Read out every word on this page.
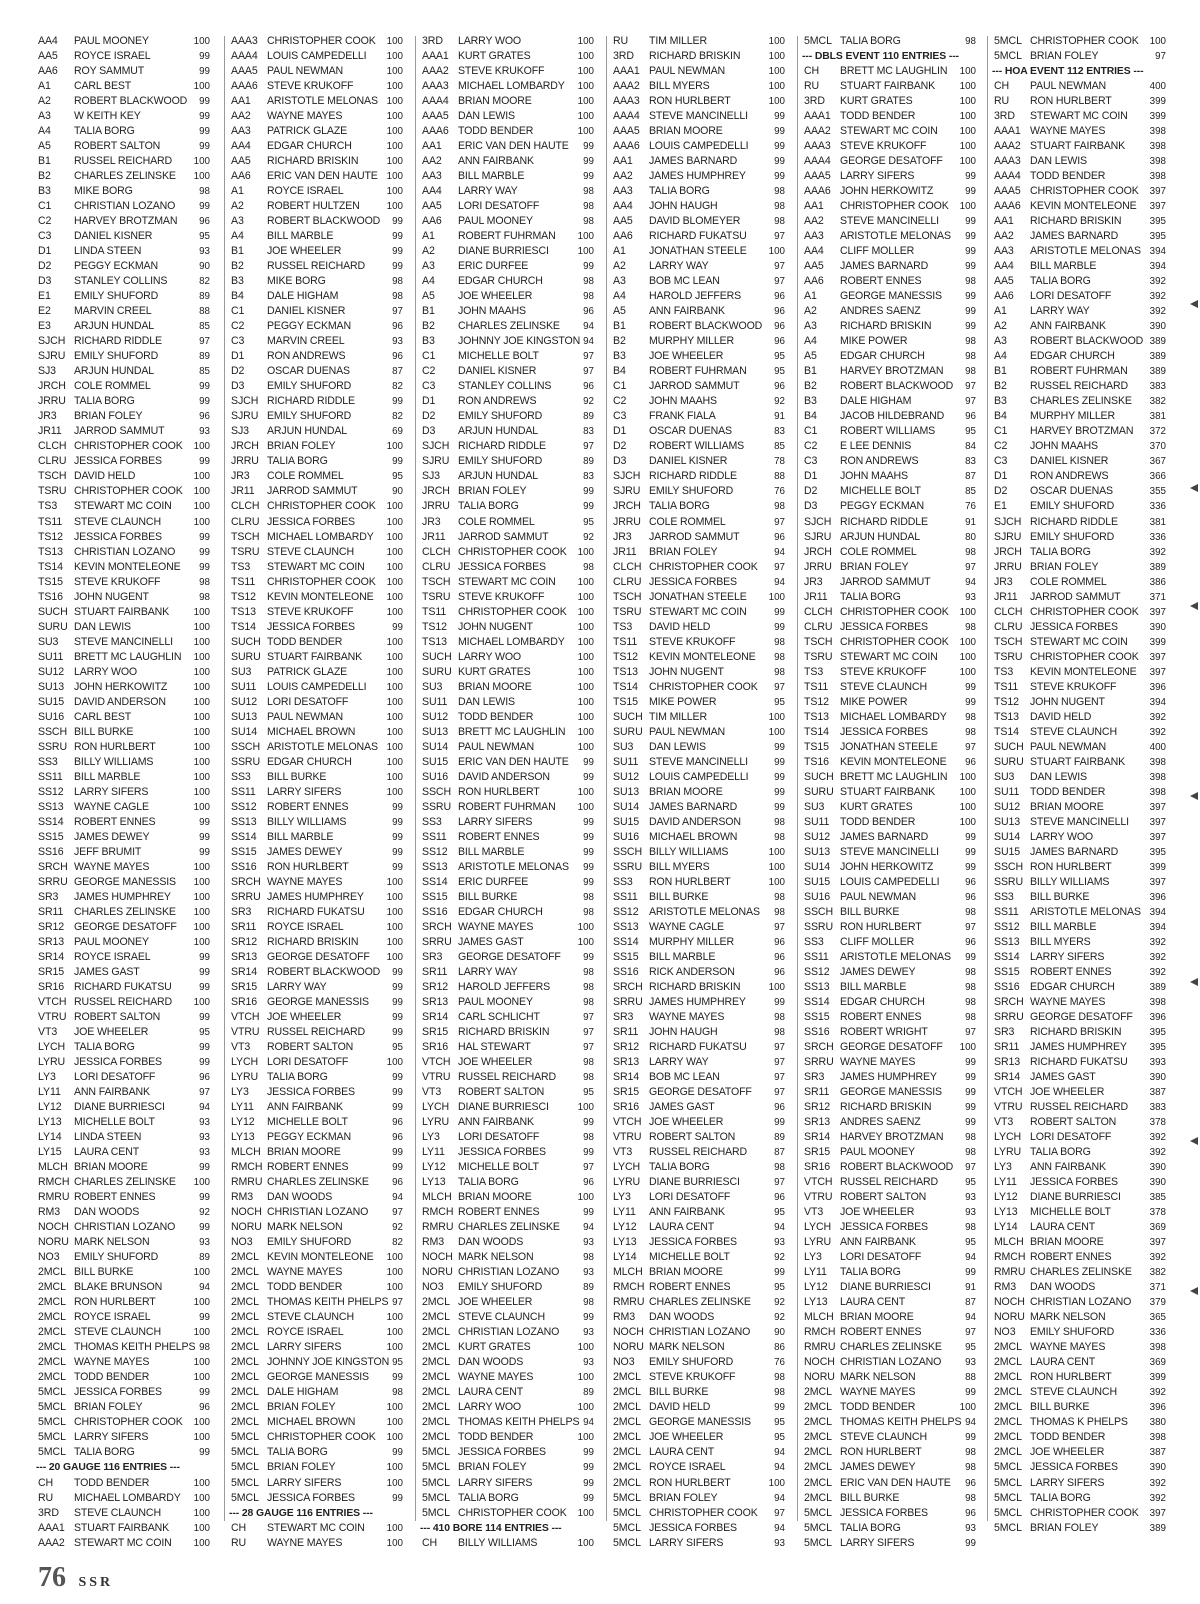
AA4 PAUL MOONEY	100
AA5 ROYCE ISRAEL	99
AA6 ROY SAMMUT	99
A1 CARL BEST	100
A2 ROBERT BLACKWOOD 99
A3 W KEITH KEY	99
A4 TALIA BORG	99
A5 ROBERT SALTON	99
B1 RUSSEL REICHARD 100
B2 CHARLES ZELINSKE 100
B3 MIKE BORG	98
C1 CHRISTIAN LOZANO 99
C2 HARVEY BROTZMAN 96
C3 DANIEL KISNER	95
D1 LINDA STEEN	93
D2 PEGGY ECKMAN	90
D3 STANLEY COLLINS	82
E1 EMILY SHUFORD	89
E2 MARVIN CREEL	88
E3 ARJUN HUNDAL	85
SJCH RICHARD RIDDLE	97
SJRU EMILY SHUFORD	89
SJ3 ARJUN HUNDAL	85
JRCH COLE ROMMEL	99
JRRU TALIA BORG	99
JR3 BRIAN FOLEY	96
JR11 JARROD SAMMUT	93
CLCH CHRISTOPHER COOK 100
CLRU JESSICA FORBES	99
TSCH DAVID HELD	100
TSRU CHRISTOPHER COOK 100
TS3 STEWART MC COIN 100
TS11 STEVE CLAUNCH	100
TS12 JESSICA FORBES	99
TS13 CHRISTIAN LOZANO 99
TS14 KEVIN MONTELEONE 99
TS15 STEVE KRUKOFF	98
TS16 JOHN NUGENT	98
SUCH STUART FAIRBANK	100
SURU DAN LEWIS	100
SU3 STEVE MANCINELLI 100
SU11 BRETT MC LAUGHLIN 100
SU12 LARRY WOO	100
SU13 JOHN HERKOWITZ	100
SU15 DAVID ANDERSON	100
SU16 CARL BEST	100
SSCH BILL BURKE	100
SSRU RON HURLBERT	100
SS3 BILLY WILLIAMS	100
SS11 BILL MARBLE	100
SS12 LARRY SIFERS	100
SS13 WAYNE CAGLE	100
SS14 ROBERT ENNES	99
SS15 JAMES DEWEY	99
SS16 JEFF BRUMIT	99
SRCH WAYNE MAYES	100
SRRU GEORGE MANESSIS 100
SR3 JAMES HUMPHREY 100
SR11 CHARLES ZELINSKE 100
SR12 GEORGE DESATOFF 100
SR13 PAUL MOONEY	100
SR14 ROYCE ISRAEL	99
SR15 JAMES GAST	99
SR16 RICHARD FUKATSU	99
VTCH RUSSEL REICHARD 100
VTRU ROBERT SALTON	99
VT3 JOE WHEELER	95
LYCH TALIA BORG	99
LYRU JESSICA FORBES	99
LY3 LORI DESATOFF	96
LY11 ANN FAIRBANK	97
LY12 DIANE BURRIESCI	94
LY13 MICHELLE BOLT	93
LY14 LINDA STEEN	93
LY15 LAURA CENT	93
MLCH BRIAN MOORE	99
RMCH CHARLES ZELINSKE 100
RMRU ROBERT ENNES	99
RM3 DAN WOODS	92
NOCH CHRISTIAN LOZANO 99
NORU MARK NELSON	93
NO3 EMILY SHUFORD	89
2MCL BILL BURKE	100
2MCL BLAKE BRUNSON	94
2MCL RON HURLBERT	100
2MCL ROYCE ISRAEL	99
2MCL STEVE CLAUNCH	100
2MCL THOMAS KEITH PHELPS 98
2MCL WAYNE MAYES	100
2MCL TODD BENDER	100
5MCL JESSICA FORBES	99
5MCL BRIAN FOLEY	96
5MCL CHRISTOPHER COOK 100
5MCL LARRY SIFERS	100
5MCL TALIA BORG	99
--- 20 GAUGE 116 ENTRIES ---
CH TODD BENDER	100
RU MICHAEL LOMBARDY 100
3RD STEVE CLAUNCH	100
AAA1 STUART FAIRBANK	100
AAA2 STEWART MC COIN 100
AAA3 CHRISTOPHER COOK 100
AAA4 LOUIS CAMPEDELLI 100
AAA5 PAUL NEWMAN	100
AAA6 STEVE KRUKOFF	100
AA1 ARISTOTLE MELONAS 100
AA2 WAYNE MAYES	100
AA3 PATRICK GLAZE	100
AA4 EDGAR CHURCH	100
AA5 RICHARD BRISKIN	100
AA6 ERIC VAN DEN HAUTE 100
A1 ROYCE ISRAEL	100
A2 ROBERT HULTZEN	100
A3 ROBERT BLACKWOOD 99
A4 BILL MARBLE	99
B1 JOE WHEELER	99
B2 RUSSEL REICHARD	99
B3 MIKE BORG	98
B4 DALE HIGHAM	98
C1 DANIEL KISNER	97
C2 PEGGY ECKMAN	96
C3 MARVIN CREEL	93
D1 RON ANDREWS	96
D2 OSCAR DUENAS	87
D3 EMILY SHUFORD	82
SJCH RICHARD RIDDLE	99
SJRU EMILY SHUFORD	82
SJ3 ARJUN HUNDAL	69
JRCH BRIAN FOLEY	100
JRRU TALIA BORG	99
JR3 COLE ROMMEL	95
JR11 JARROD SAMMUT	90
CLCH CHRISTOPHER COOK 100
CLRU JESSICA FORBES	100
TSCH MICHAEL LOMBARDY 100
TSRU STEVE CLAUNCH	100
TS3 STEWART MC COIN 100
TS11 CHRISTOPHER COOK 100
TS12 KEVIN MONTELEONE 100
TS13 STEVE KRUKOFF	100
TS14 JESSICA FORBES	99
SUCH TODD BENDER	100
SURU STUART FAIRBANK	100
SU3 PATRICK GLAZE	100
SU11 LOUIS CAMPEDELLI 100
SU12 LORI DESATOFF	100
SU13 PAUL NEWMAN	100
SU14 MICHAEL BROWN	100
SSCH ARISTOTLE MELONAS 100
SSRU EDGAR CHURCH	100
SS3 BILL BURKE	100
SS11 LARRY SIFERS	100
SS12 ROBERT ENNES	99
SS13 BILLY WILLIAMS	99
SS14 BILL MARBLE	99
SS15 JAMES DEWEY	99
SS16 RON HURLBERT	99
SRCH WAYNE MAYES	100
SRRU JAMES HUMPHREY 100
SR3 RICHARD FUKATSU 100
SR11 ROYCE ISRAEL	100
SR12 RICHARD BRISKIN	100
SR13 GEORGE DESATOFF 100
SR14 ROBERT BLACKWOOD 99
SR15 LARRY WAY	99
SR16 GEORGE MANESSIS 99
VTCH JOE WHEELER	99
VTRU RUSSEL REICHARD	99
VT3 ROBERT SALTON	95
LYCH LORI DESATOFF	100
LYRU TALIA BORG	99
LY3 JESSICA FORBES	99
LY11 ANN FAIRBANK	99
LY12 MICHELLE BOLT	96
LY13 PEGGY ECKMAN	96
MLCH BRIAN MOORE	99
RMCH ROBERT ENNES	99
RMRU CHARLES ZELINSKE 96
RM3 DAN WOODS	94
NOCH CHRISTIAN LOZANO 97
NORU MARK NELSON	92
NO3 EMILY SHUFORD	82
2MCL KEVIN MONTELEONE 100
2MCL WAYNE MAYES	100
2MCL TODD BENDER	100
2MCL THOMAS KEITH PHELPS 97
2MCL STEVE CLAUNCH	100
2MCL ROYCE ISRAEL	100
2MCL LARRY SIFERS	100
2MCL JOHNNY JOE KINGSTON 95
2MCL GEORGE MANESSIS 99
2MCL DALE HIGHAM	98
2MCL BRIAN FOLEY	100
2MCL MICHAEL BROWN	100
5MCL CHRISTOPHER COOK 100
5MCL TALIA BORG	99
5MCL BRIAN FOLEY	100
5MCL LARRY SIFERS	100
5MCL JESSICA FORBES	99
--- 28 GAUGE 116 ENTRIES ---
CH STEWART MC COIN 100
RU WAYNE MAYES	100
3RD LARRY WOO	100
AAA1 KURT GRATES	100
AAA2 STEVE KRUKOFF	100
AAA3 MICHAEL LOMBARDY 100
AAA4 BRIAN MOORE	100
AAA5 DAN LEWIS	100
AAA6 TODD BENDER	100
AA1 ERIC VAN DEN HAUTE 99
AA2 ANN FAIRBANK	99
AA3 BILL MARBLE	99
AA4 LARRY WAY	98
AA5 LORI DESATOFF	98
AA6 PAUL MOONEY	98
A1 ROBERT FUHRMAN 100
A2 DIANE BURRIESCI	100
A3 ERIC DURFEE	99
A4 EDGAR CHURCH	98
A5 JOE WHEELER	98
B1 JOHN MAAHS	96
B2 CHARLES ZELINSKE 94
B3 JOHNNY JOE KINGSTON 94
C1 MICHELLE BOLT	97
C2 DANIEL KISNER	97
C3 STANLEY COLLINS	96
D1 RON ANDREWS	92
D2 EMILY SHUFORD	89
D3 ARJUN HUNDAL	83
SJCH RICHARD RIDDLE	97
SJRU EMILY SHUFORD	89
SJ3 ARJUN HUNDAL	83
JRCH BRIAN FOLEY	99
JRRU TALIA BORG	99
JR3 COLE ROMMEL	95
JR11 JARROD SAMMUT	92
CLCH CHRISTOPHER COOK 100
CLRU JESSICA FORBES	98
TSCH STEWART MC COIN 100
TSRU STEVE KRUKOFF	100
TS11 CHRISTOPHER COOK 100
TS12 JOHN NUGENT	100
TS13 MICHAEL LOMBARDY 100
SUCH LARRY WOO	100
SURU KURT GRATES	100
SU3 BRIAN MOORE	100
SU11 DAN LEWIS	100
SU12 TODD BENDER	100
SU13 BRETT MC LAUGHLIN 100
SU14 PAUL NEWMAN	100
SU15 ERIC VAN DEN HAUTE 99
SU16 DAVID ANDERSON	99
SSCH RON HURLBERT	100
SSRU ROBERT FUHRMAN 100
SS3 LARRY SIFERS	99
SS11 ROBERT ENNES	99
SS12 BILL MARBLE	99
SS13 ARISTOTLE MELONAS 99
SS14 ERIC DURFEE	99
SS15 BILL BURKE	98
SS16 EDGAR CHURCH	98
SRCH WAYNE MAYES	100
SRRU JAMES GAST	100
SR3 GEORGE DESATOFF 99
SR11 LARRY WAY	98
SR12 HAROLD JEFFERS	98
SR13 PAUL MOONEY	98
SR14 CARL SCHLICHT	97
SR15 RICHARD BRISKIN	97
SR16 HAL STEWART	97
VTCH JOE WHEELER	98
VTRU RUSSEL REICHARD	98
VT3 ROBERT SALTON	95
LYCH DIANE BURRIESCI	100
LYRU ANN FAIRBANK	99
LY3 LORI DESATOFF	98
LY11 JESSICA FORBES	99
LY12 MICHELLE BOLT	97
LY13 TALIA BORG	96
MLCH BRIAN MOORE	100
RMCH ROBERT ENNES	99
RMRU CHARLES ZELINSKE 94
RM3 DAN WOODS	93
NOCH MARK NELSON	98
NORU CHRISTIAN LOZANO 93
NO3 EMILY SHUFORD	89
2MCL JOE WHEELER	98
2MCL STEVE CLAUNCH	99
2MCL CHRISTIAN LOZANO 93
2MCL KURT GRATES	100
2MCL DAN WOODS	93
2MCL WAYNE MAYES	100
2MCL LAURA CENT	89
2MCL LARRY WOO	100
2MCL THOMAS KEITH PHELPS 94
2MCL TODD BENDER	100
5MCL JESSICA FORBES	99
5MCL BRIAN FOLEY	99
5MCL LARRY SIFERS	99
5MCL TALIA BORG	99
5MCL CHRISTOPHER COOK 100
--- 410 BORE 114 ENTRIES ---
CH BILLY WILLIAMS	100
RU TIM MILLER	100
3RD RICHARD BRISKIN	100
AAA1 PAUL NEWMAN	100
AAA2 BILL MYERS	100
AAA3 RON HURLBERT	100
AAA4 STEVE MANCINELLI	99
AAA5 BRIAN MOORE	99
AAA6 LOUIS CAMPEDELLI	99
AA1 JAMES BARNARD	99
AA2 JAMES HUMPHREY	99
AA3 TALIA BORG	98
AA4 JOHN HAUGH	98
AA5 DAVID BLOMEYER	98
AA6 RICHARD FUKATSU	97
A1 JONATHAN STEELE 100
A2 LARRY WAY	97
A3 BOB MC LEAN	97
A4 HAROLD JEFFERS	96
A5 ANN FAIRBANK	96
B1 ROBERT BLACKWOOD 96
B2 MURPHY MILLER	96
B3 JOE WHEELER	95
B4 ROBERT FUHRMAN	95
C1 JARROD SAMMUT	96
C2 JOHN MAAHS	92
C3 FRANK FIALA	91
D1 OSCAR DUENAS	83
D2 ROBERT WILLIAMS	85
D3 DANIEL KISNER	78
SJCH RICHARD RIDDLE	88
SJRU EMILY SHUFORD	76
JRCH TALIA BORG	98
JRRU COLE ROMMEL	97
JR3 JARROD SAMMUT	96
JR11 BRIAN FOLEY	94
CLCH CHRISTOPHER COOK 97
CLRU JESSICA FORBES	94
TSCH JONATHAN STEELE 100
TSRU STEWART MC COIN	99
TS3 DAVID HELD	99
TS11 STEVE KRUKOFF	98
TS12 KEVIN MONTELEONE 98
TS13 JOHN NUGENT	98
TS14 CHRISTOPHER COOK 97
TS15 MIKE POWER	95
SUCH TIM MILLER	100
SURU PAUL NEWMAN	100
SU3 DAN LEWIS	99
SU11 STEVE MANCINELLI	99
SU12 LOUIS CAMPEDELLI	99
SU13 BRIAN MOORE	99
SU14 JAMES BARNARD	99
SU15 DAVID ANDERSON	98
SU16 MICHAEL BROWN	98
SSCH BILLY WILLIAMS	100
SSRU BILL MYERS	100
SS3 RON HURLBERT	100
SS11 BILL BURKE	98
SS12 ARISTOTLE MELONAS 98
SS13 WAYNE CAGLE	97
SS14 MURPHY MILLER	96
SS15 BILL MARBLE	96
SS16 RICK ANDERSON	96
SRCH RICHARD BRISKIN	100
SRRU JAMES HUMPHREY	99
SR3 WAYNE MAYES	98
SR11 JOHN HAUGH	98
SR12 RICHARD FUKATSU	97
SR13 LARRY WAY	97
SR14 BOB MC LEAN	97
SR15 GEORGE DESATOFF 97
SR16 JAMES GAST	96
VTCH JOE WHEELER	99
VTRU ROBERT SALTON	89
VT3 RUSSEL REICHARD	87
LYCH TALIA BORG	98
LYRU DIANE BURRIESCI	97
LY3 LORI DESATOFF	96
LY11 ANN FAIRBANK	95
LY12 LAURA CENT	94
LY13 JESSICA FORBES	93
LY14 MICHELLE BOLT	92
MLCH BRIAN MOORE	99
RMCH ROBERT ENNES	95
RMRU CHARLES ZELINSKE 92
RM3 DAN WOODS	92
NOCH CHRISTIAN LOZANO 90
NORU MARK NELSON	86
NO3 EMILY SHUFORD	76
2MCL STEVE KRUKOFF	98
2MCL BILL BURKE	98
2MCL DAVID HELD	99
2MCL GEORGE MANESSIS 95
2MCL JOE WHEELER	95
2MCL LAURA CENT	94
2MCL ROYCE ISRAEL	94
2MCL RON HURLBERT	100
5MCL BRIAN FOLEY	94
5MCL CHRISTOPHER COOK 97
5MCL JESSICA FORBES	94
5MCL LARRY SIFERS	93
5MCL TALIA BORG	98
--- DBLS EVENT 110 ENTRIES ---
CH BRETT MC LAUGHLIN 100
RU STUART FAIRBANK	100
3RD KURT GRATES	100
AAA1 TODD BENDER	100
AAA2 STEWART MC COIN 100
AAA3 STEVE KRUKOFF	100
AAA4 GEORGE DESATOFF 100
AAA5 LARRY SIFERS	99
AAA6 JOHN HERKOWITZ	99
AA1 CHRISTOPHER COOK 100
AA2 STEVE MANCINELLI	99
AA3 ARISTOTLE MELONAS 99
AA4 CLIFF MOLLER	99
AA5 JAMES BARNARD	99
AA6 ROBERT ENNES	98
A1 GEORGE MANESSIS 99
A2 ANDRES SAENZ	99
A3 RICHARD BRISKIN	99
A4 MIKE POWER	98
A5 EDGAR CHURCH	98
B1 HARVEY BROTZMAN 98
B2 ROBERT BLACKWOOD 97
B3 DALE HIGHAM	97
B4 JACOB HILDEBRAND 96
C1 ROBERT WILLIAMS	95
C2 E LEE DENNIS	84
C3 RON ANDREWS	83
D1 JOHN MAAHS	87
D2 MICHELLE BOLT	85
D3 PEGGY ECKMAN	76
SJCH RICHARD RIDDLE	91
SJRU ARJUN HUNDAL	80
JRCH COLE ROMMEL	98
JRRU BRIAN FOLEY	97
JR3 JARROD SAMMUT	94
JR11 TALIA BORG	93
CLCH CHRISTOPHER COOK 100
CLRU JESSICA FORBES	98
TSCH CHRISTOPHER COOK 100
TSRU STEWART MC COIN 100
TS3 STEVE KRUKOFF	100
TS11 STEVE CLAUNCH	99
TS12 MIKE POWER	99
TS13 MICHAEL LOMBARDY 98
TS14 JESSICA FORBES	98
TS15 JONATHAN STEELE	97
TS16 KEVIN MONTELEONE 96
SUCH BRETT MC LAUGHLIN 100
SURU STUART FAIRBANK	100
SU3 KURT GRATES	100
SU11 TODD BENDER	100
SU12 JAMES BARNARD	99
SU13 STEVE MANCINELLI	99
SU14 JOHN HERKOWITZ	99
SU15 LOUIS CAMPEDELLI	96
SU16 PAUL NEWMAN	96
SSCH BILL BURKE	98
SSRU RON HURLBERT	97
SS3 CLIFF MOLLER	96
SS11 ARISTOTLE MELONAS 99
SS12 JAMES DEWEY	98
SS13 BILL MARBLE	98
SS14 EDGAR CHURCH	98
SS15 ROBERT ENNES	98
SS16 ROBERT WRIGHT	97
SRCH GEORGE DESATOFF 100
SRRU WAYNE MAYES	99
SR3 JAMES HUMPHREY	99
SR11 GEORGE MANESSIS 99
SR12 RICHARD BRISKIN	99
SR13 ANDRES SAENZ	99
SR14 HARVEY BROTZMAN 98
SR15 PAUL MOONEY	98
SR16 ROBERT BLACKWOOD 97
VTCH RUSSEL REICHARD	95
VTRU ROBERT SALTON	93
VT3 JOE WHEELER	93
LYCH JESSICA FORBES	98
LYRU ANN FAIRBANK	95
LY3 LORI DESATOFF	94
LY11 TALIA BORG	99
LY12 DIANE BURRIESCI	91
LY13 LAURA CENT	87
MLCH BRIAN MOORE	94
RMCH ROBERT ENNES	97
RMRU CHARLES ZELINSKE 95
NOCH CHRISTIAN LOZANO 93
NORU MARK NELSON	88
2MCL WAYNE MAYES	99
2MCL TODD BENDER	100
2MCL THOMAS KEITH PHELPS 94
2MCL STEVE CLAUNCH	99
2MCL RON HURLBERT	98
2MCL JAMES DEWEY	98
2MCL ERIC VAN DEN HAUTE 96
2MCL BILL BURKE	98
5MCL JESSICA FORBES	96
5MCL TALIA BORG	93
5MCL LARRY SIFERS	99
5MCL CHRISTOPHER COOK 100
5MCL BRIAN FOLEY	97
--- HOA EVENT 112 ENTRIES ---
CH PAUL NEWMAN	400
RU RON HURLBERT	399
3RD STEWART MC COIN 399
AAA1 WAYNE MAYES	398
AAA2 STUART FAIRBANK	398
AAA3 DAN LEWIS	398
AAA4 TODD BENDER	398
AAA5 CHRISTOPHER COOK 397
AAA6 KEVIN MONTELEONE 397
AA1 RICHARD BRISKIN	395
AA2 JAMES BARNARD	395
AA3 ARISTOTLE MELONAS 394
AA4 BILL MARBLE	394
AA5 TALIA BORG	392
AA6 LORI DESATOFF	392
A1 LARRY WAY	392
A2 ANN FAIRBANK	390
A3 ROBERT BLACKWOOD 389
A4 EDGAR CHURCH	389
B1 ROBERT FUHRMAN 389
B2 RUSSEL REICHARD 383
B3 CHARLES ZELINSKE 382
B4 MURPHY MILLER	381
C1 HARVEY BROTZMAN 372
C2 JOHN MAAHS	370
C3 DANIEL KISNER	367
D1 RON ANDREWS	366
D2 OSCAR DUENAS	355
E1 EMILY SHUFORD	336
SJCH RICHARD RIDDLE	381
SJRU EMILY SHUFORD	336
JRCH TALIA BORG	392
JRRU BRIAN FOLEY	389
JR3 COLE ROMMEL	386
JR11 JARROD SAMMUT	371
CLCH CHRISTOPHER COOK 397
CLRU JESSICA FORBES	390
TSCH STEWART MC COIN 399
TSRU CHRISTOPHER COOK 397
TS3 KEVIN MONTELEONE 397
TS11 STEVE KRUKOFF	396
TS12 JOHN NUGENT	394
TS13 DAVID HELD	392
TS14 STEVE CLAUNCH	392
SUCH PAUL NEWMAN	400
SURU STUART FAIRBANK	398
SU3 DAN LEWIS	398
SU11 TODD BENDER	398
SU12 BRIAN MOORE	397
SU13 STEVE MANCINELLI 397
SU14 LARRY WOO	397
SU15 JAMES BARNARD	395
SSCH RON HURLBERT	399
SSRU BILLY WILLIAMS	397
SS3 BILL BURKE	396
SS11 ARISTOTLE MELONAS 394
SS12 BILL MARBLE	394
SS13 BILL MYERS	392
SS14 LARRY SIFERS	392
SS15 ROBERT ENNES	392
SS16 EDGAR CHURCH	389
SRCH WAYNE MAYES	398
SRRU GEORGE DESATOFF 396
SR3 RICHARD BRISKIN	395
SR11 JAMES HUMPHREY 395
SR13 RICHARD FUKATSU 393
SR14 JAMES GAST	390
VTCH JOE WHEELER	387
VTRU RUSSEL REICHARD 383
VT3 ROBERT SALTON	378
LYCH LORI DESATOFF	392
LYRU TALIA BORG	392
LY3 ANN FAIRBANK	390
LY11 JESSICA FORBES	390
LY12 DIANE BURRIESCI	385
LY13 MICHELLE BOLT	378
LY14 LAURA CENT	369
MLCH BRIAN MOORE	397
RMCH ROBERT ENNES	392
RMRU CHARLES ZELINSKE 382
RM3 DAN WOODS	371
NOCH CHRISTIAN LOZANO 379
NORU MARK NELSON	365
NO3 EMILY SHUFORD	336
2MCL WAYNE MAYES	398
2MCL LAURA CENT	369
2MCL RON HURLBERT	399
2MCL STEVE CLAUNCH	392
2MCL BILL BURKE	396
2MCL THOMAS K PHELPS 380
2MCL TODD BENDER	398
2MCL JOE WHEELER	387
5MCL JESSICA FORBES	390
5MCL LARRY SIFERS	392
5MCL TALIA BORG	392
5MCL CHRISTOPHER COOK 397
5MCL BRIAN FOLEY	389
76 SSR
